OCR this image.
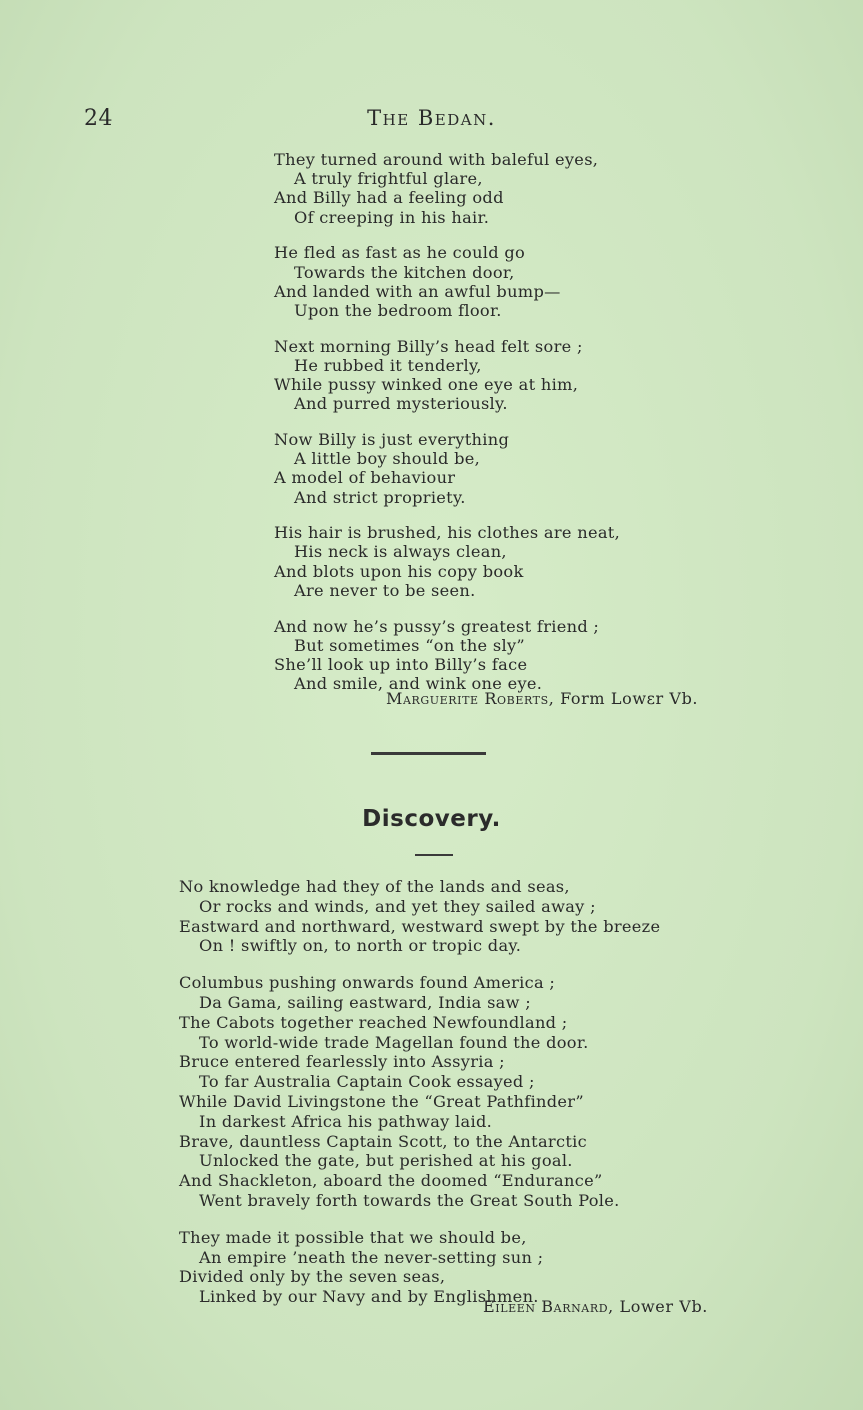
24	The Bedan.
They turned around with baleful eyes,
A truly frightful glare,
And Billy had a feeling odd
Of creeping in his hair.
He fled as fast as he could go
Towards the kitchen door,
And landed with an awful bump—
Upon the bedroom floor.
Next morning Billy’s head felt sore ;
He rubbed it tenderly,
While pussy winked one eye at him,
And purred mysteriously.
Now Billy is just everything
A little boy should be,
A model of behaviour
And strict propriety.
His hair is brushed, his clothes are neat,
His neck is always clean,
And blots upon his copy book
Are never to be seen.
And now he’s pussy’s greatest friend ;
But sometimes “on the sly”
She’ll look up into Billy’s face
And smile, and wink one eye.
Marguerite Roberts, Form Lowεr Vb.
Discovery.
No knowledge had they of the lands and seas,
Or rocks and winds, and yet they sailed away ;
Eastward and northward, westward swept by the breeze
On ! swiftly on, to north or tropic day.
Columbus pushing onwards found America ;
Da Gama, sailing eastward, India saw ;
The Cabots together reached Newfoundland ;
To world-wide trade Magellan found the door.
Bruce entered fearlessly into Assyria ;
To far Australia Captain Cook essayed ;
While David Livingstone the “Great Pathfinder”
In darkest Africa his pathway laid.
Brave, dauntless Captain Scott, to the Antarctic
Unlocked the gate, but perished at his goal.
And Shackleton, aboard the doomed “Endurance”
Went bravely forth towards the Great South Pole.
They made it possible that we should be,
An empire ’neath the never-setting sun ;
Divided only by the seven seas,
Linked by our Navy and by Englishmen.
Eileen Barnard, Lower Vb.
